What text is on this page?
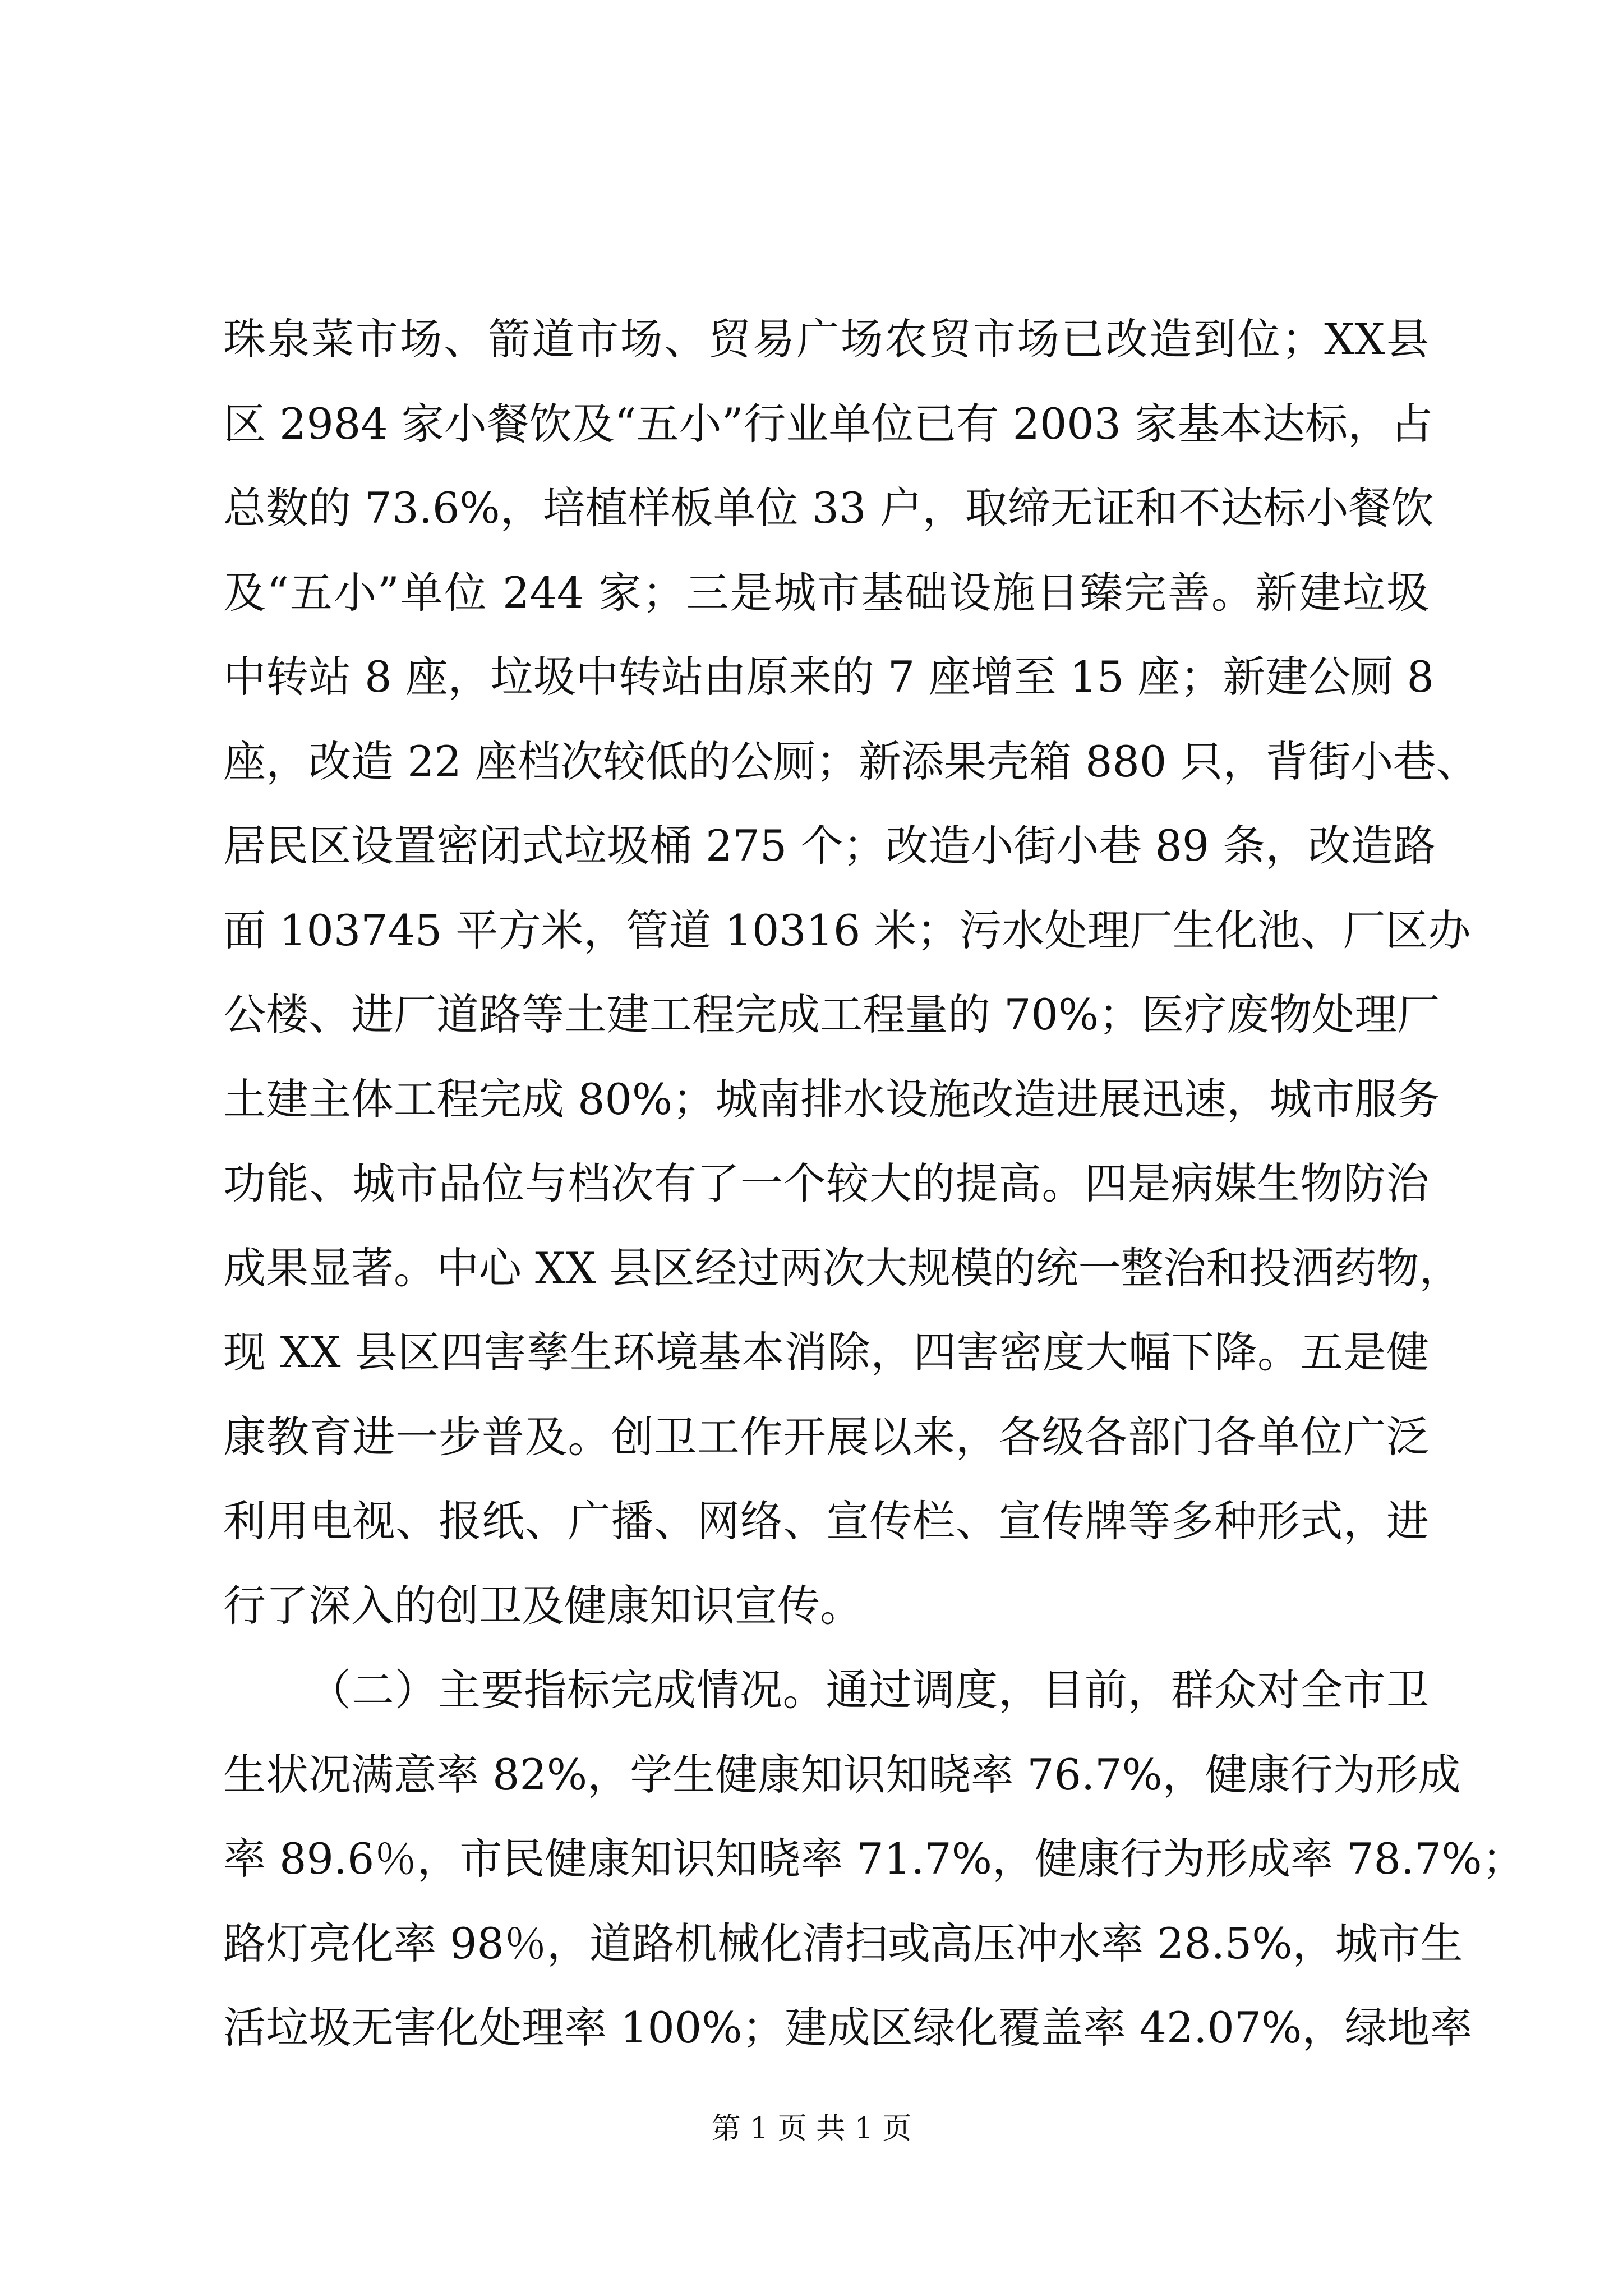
珠泉菜市场、箭道市场、贸易广场农贸市场已改造到位；XX县
区 2984 家小餐饮及“五小”行业单位已有 2003 家基本达标，占
总数的 73.6%，培植样板单位 33 户，取缔无证和不达标小餐饮
及“五小”单位 244 家；三是城市基础设施日臻完善。新建垃圾
中转站 8 座，垃圾中转站由原来的 7 座增至 15 座；新建公厕 8
座，改造 22 座档次较低的公厕；新添果壳箱 880 只，背街小巷、
居民区设置密闭式垃圾桶 275 个；改造小街小巷 89 条，改造路
面 103745 平方米，管道 10316 米；污水处理厂生化池、厂区办
公楼、进厂道路等土建工程完成工程量的 70%；医疗废物处理厂
土建主体工程完成 80%；城南排水设施改造进展迅速，城市服务
功能、城市品位与档次有了一个较大的提高。四是病媒生物防治
成果显著。中心 XX 县区经过两次大规模的统一整治和投洒药物，
现 XX 县区四害孳生环境基本消除，四害密度大幅下降。五是健
康教育进一步普及。创卫工作开展以来，各级各部门各单位广泛
利用电视、报纸、广播、网络、宣传栏、宣传牌等多种形式，进
行了深入的创卫及健康知识宣传。
（二）主要指标完成情况。通过调度，目前，群众对全市卫
生状况满意率 82%，学生健康知识知晓率 76.7%，健康行为形成
率 89.6％，市民健康知识知晓率 71.7%，健康行为形成率 78.7%；
路灯亮化率 98％，道路机械化清扫或高压冲水率 28.5%，城市生
活垃圾无害化处理率 100%；建成区绿化覆盖率 42.07%，绿地率
第 1 页 共 1 页
